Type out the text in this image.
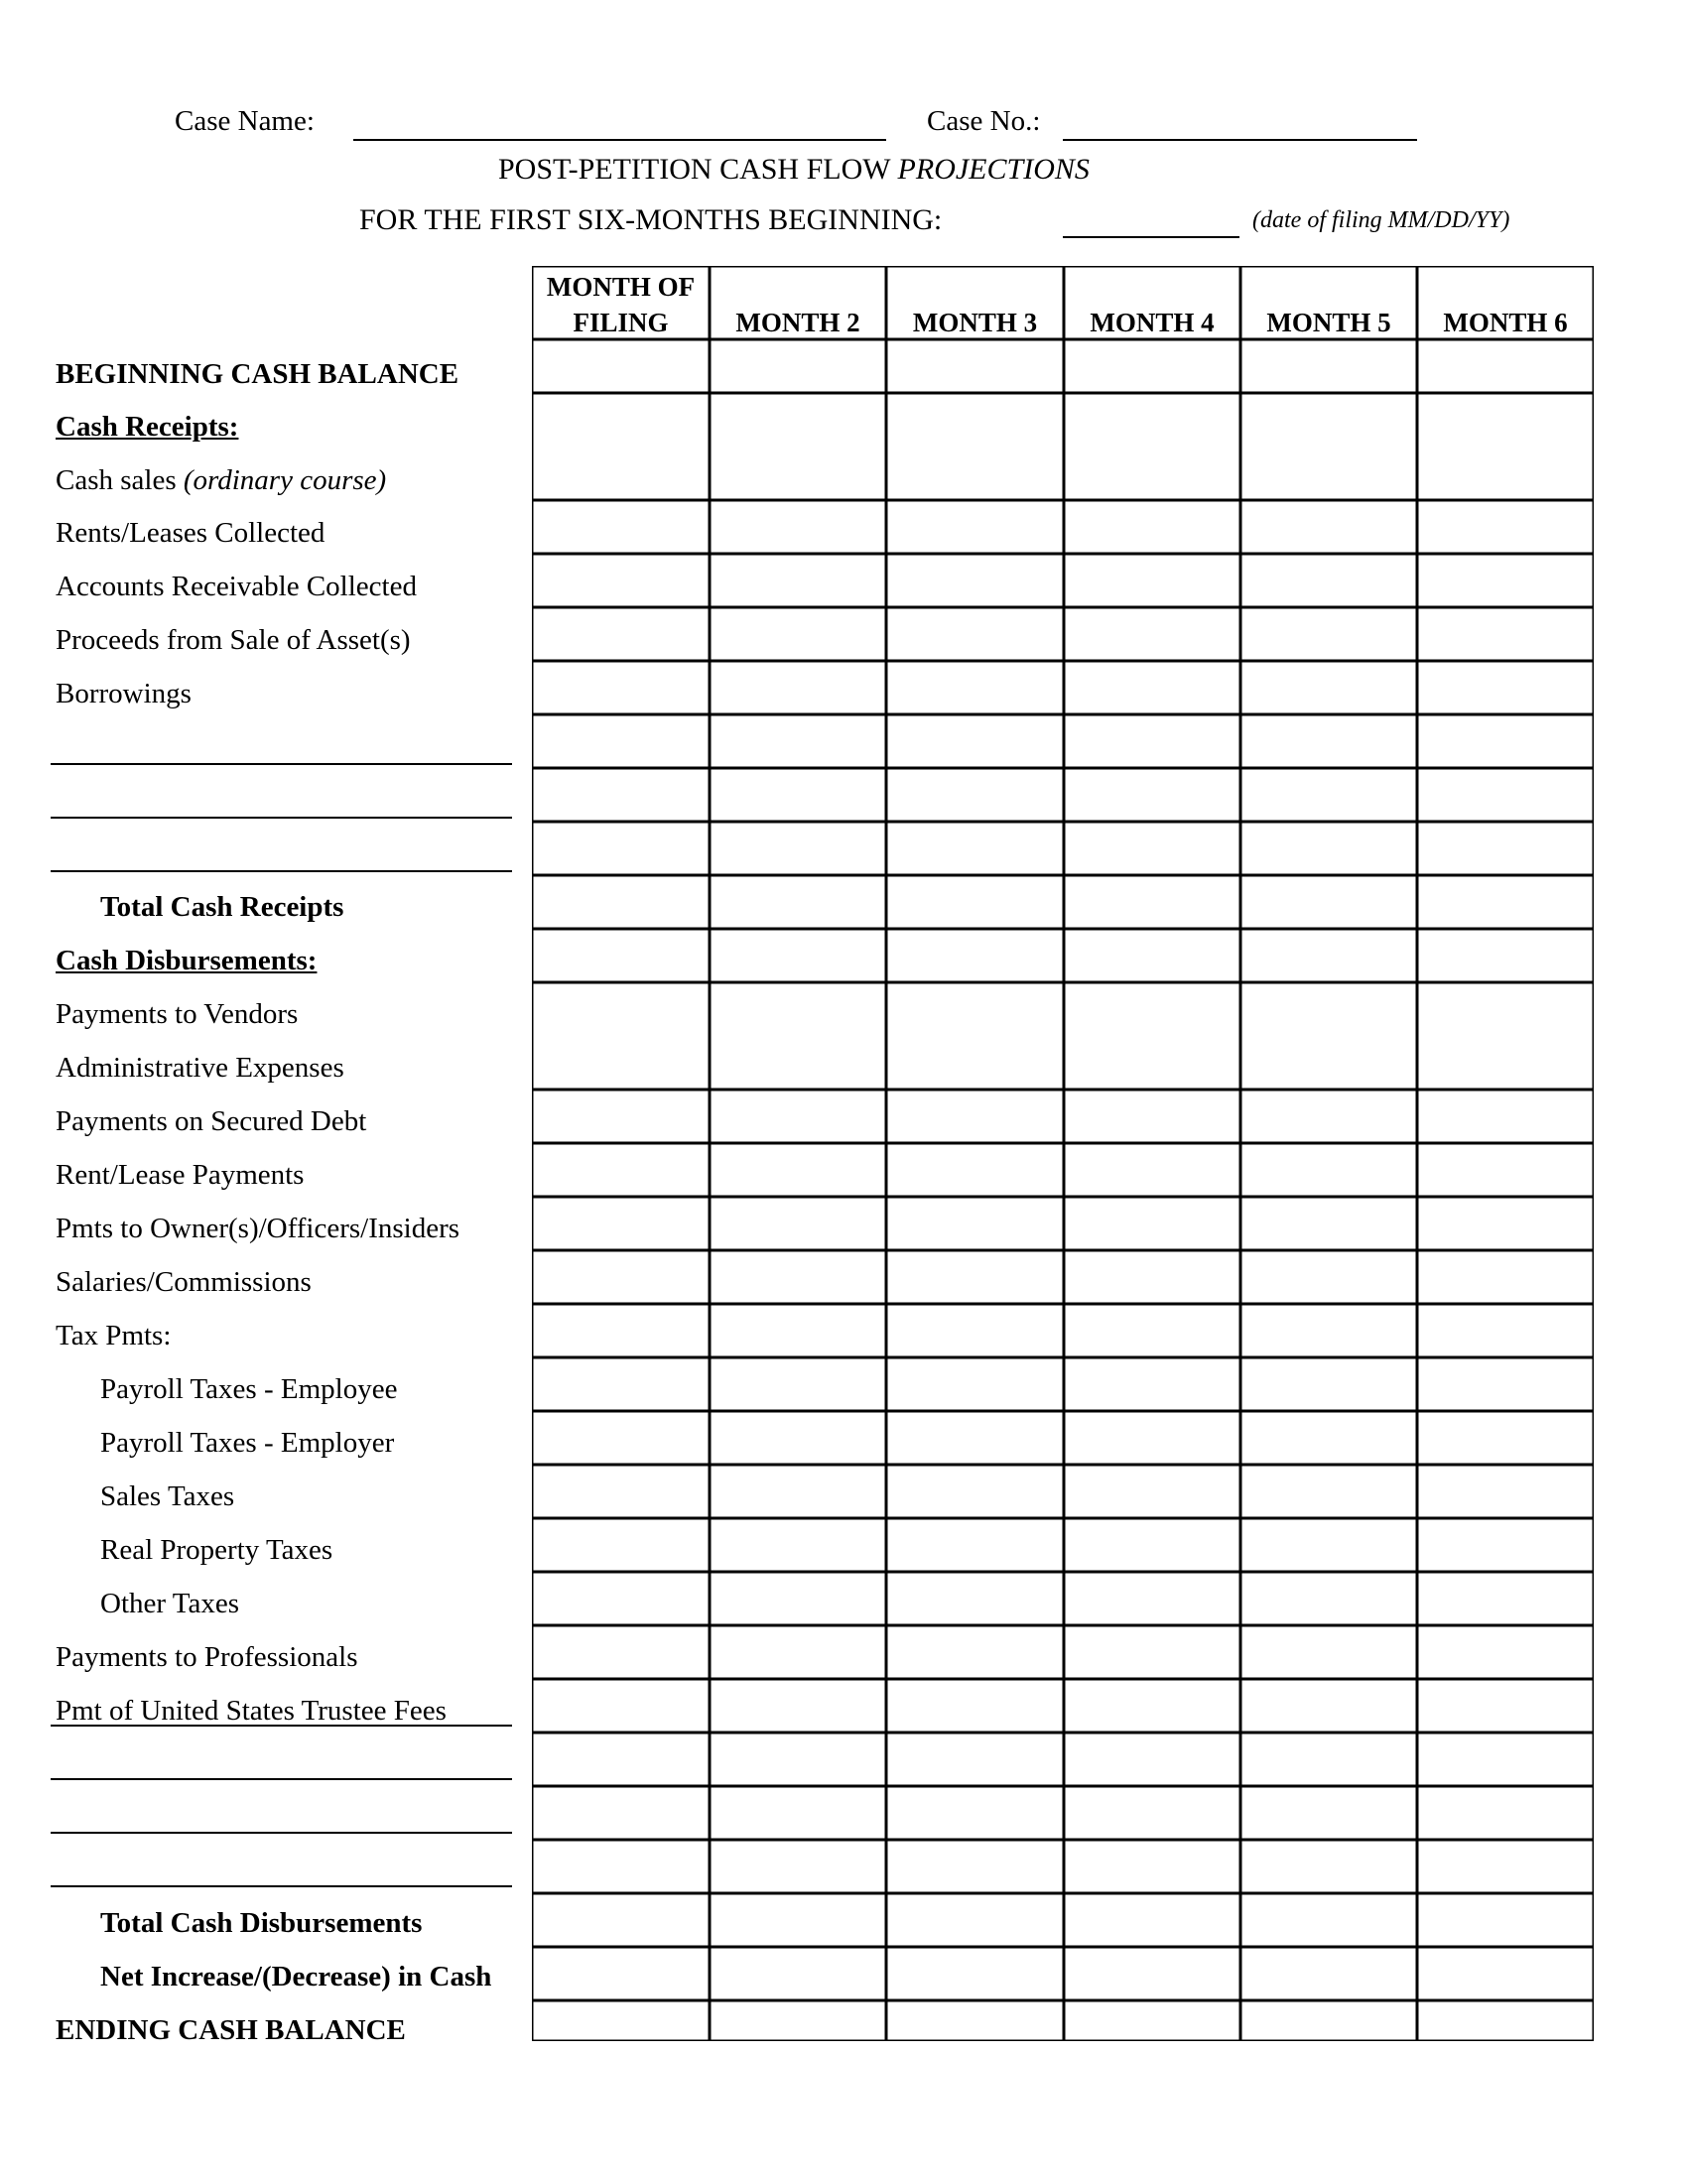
Case Name:	Case No.:
POST-PETITION CASH FLOW PROJECTIONS
FOR THE FIRST SIX-MONTHS BEGINNING:	(date of filing MM/DD/YY)
MONTH OF
FILING	MONTH 2 MONTH 3 MONTH 4 MONTH 5 MONTH 6
BEGINNING CASH BALANCE
Cash Receipts:
Cash sales (ordinary course)
Rents/Leases Collected
Accounts Receivable Collected
Proceeds from Sale of Asset(s)
Borrowings
Total Cash Receipts
Cash Disbursements:
Payments to Vendors
Administrative Expenses
Payments on Secured Debt
Rent/Lease Payments
Pmts to Owner(s)/Officers/Insiders
Salaries/Commissions
Tax Pmts:
Payroll Taxes - Employee
Payroll Taxes - Employer
Sales Taxes
Real Property Taxes
Other Taxes
Payments to Professionals
Pmt of United States Trustee Fees
Total Cash Disbursements
Net Increase/(Decrease) in Cash
ENDING CASH BALANCE
